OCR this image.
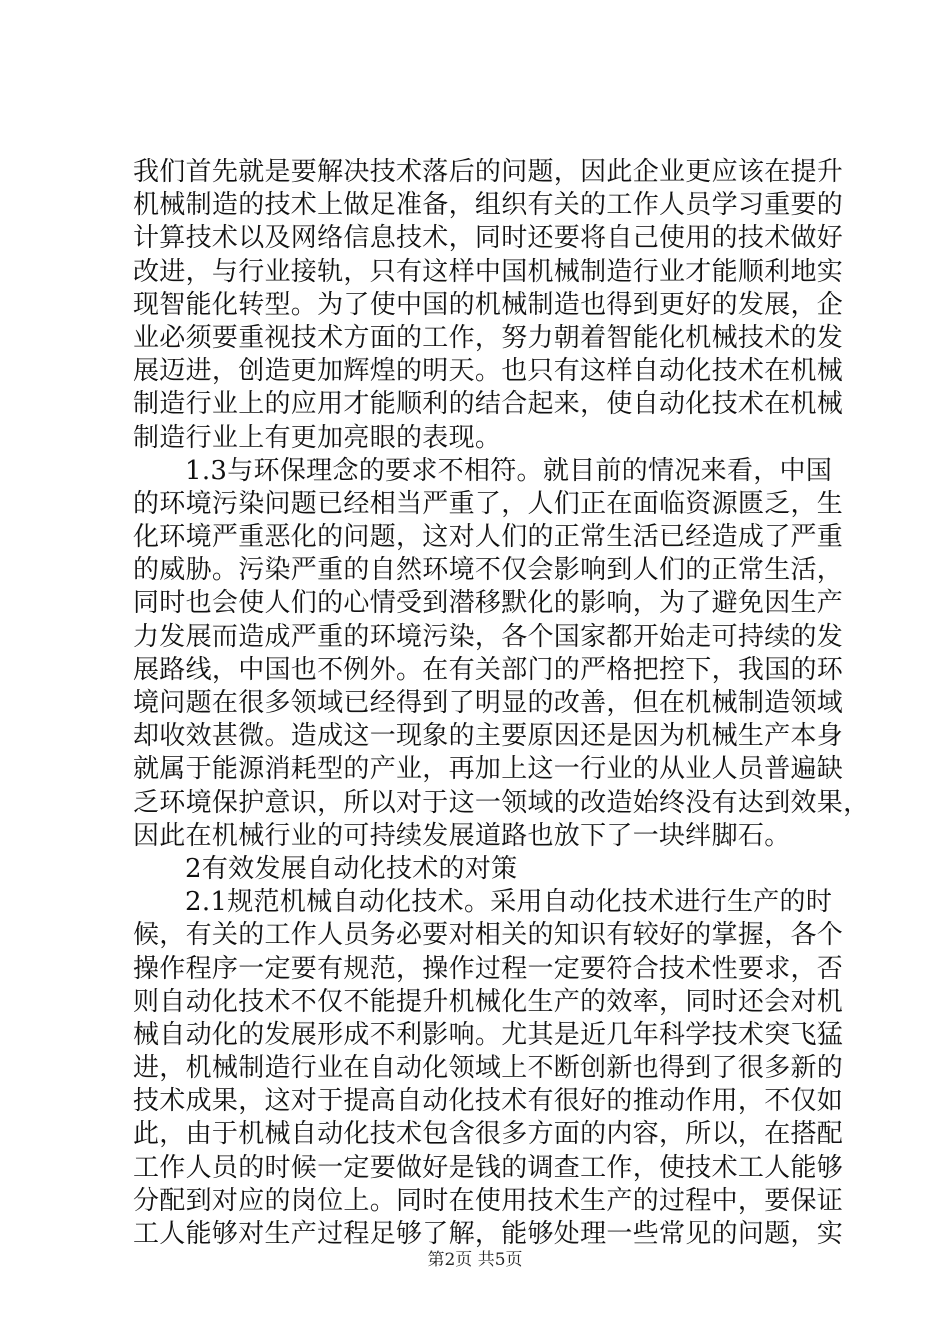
我们首先就是要解决技术落后的问题，因此企业更应该在提升
机械制造的技术上做足准备，组织有关的工作人员学习重要的
计算技术以及网络信息技术，同时还要将自己使用的技术做好
改进，与行业接轨，只有这样中国机械制造行业才能顺利地实
现智能化转型。为了使中国的机械制造也得到更好的发展，企
业必须要重视技术方面的工作，努力朝着智能化机械技术的发
展迈进，创造更加辉煌的明天。也只有这样自动化技术在机械
制造行业上的应用才能顺利的结合起来，使自动化技术在机械
制造行业上有更加亮眼的表现。
1.3与环保理念的要求不相符。就目前的情况来看，中国
的环境污染问题已经相当严重了，人们正在面临资源匮乏，生
化环境严重恶化的问题，这对人们的正常生活已经造成了严重
的威胁。污染严重的自然环境不仅会影响到人们的正常生活，
同时也会使人们的心情受到潜移默化的影响，为了避免因生产
力发展而造成严重的环境污染，各个国家都开始走可持续的发
展路线，中国也不例外。在有关部门的严格把控下，我国的环
境问题在很多领域已经得到了明显的改善，但在机械制造领域
却收效甚微。造成这一现象的主要原因还是因为机械生产本身
就属于能源消耗型的产业，再加上这一行业的从业人员普遍缺
乏环境保护意识，所以对于这一领域的改造始终没有达到效果，
因此在机械行业的可持续发展道路也放下了一块绊脚石。
2有效发展自动化技术的对策
2.1规范机械自动化技术。采用自动化技术进行生产的时
候，有关的工作人员务必要对相关的知识有较好的掌握，各个
操作程序一定要有规范，操作过程一定要符合技术性要求，否
则自动化技术不仅不能提升机械化生产的效率，同时还会对机
械自动化的发展形成不利影响。尤其是近几年科学技术突飞猛
进，机械制造行业在自动化领域上不断创新也得到了很多新的
技术成果，这对于提高自动化技术有很好的推动作用，不仅如
此，由于机械自动化技术包含很多方面的内容，所以，在搭配
工作人员的时候一定要做好是钱的调查工作，使技术工人能够
分配到对应的岗位上。同时在使用技术生产的过程中，要保证
工人能够对生产过程足够了解，能够处理一些常见的问题，实
第2页 共5页
